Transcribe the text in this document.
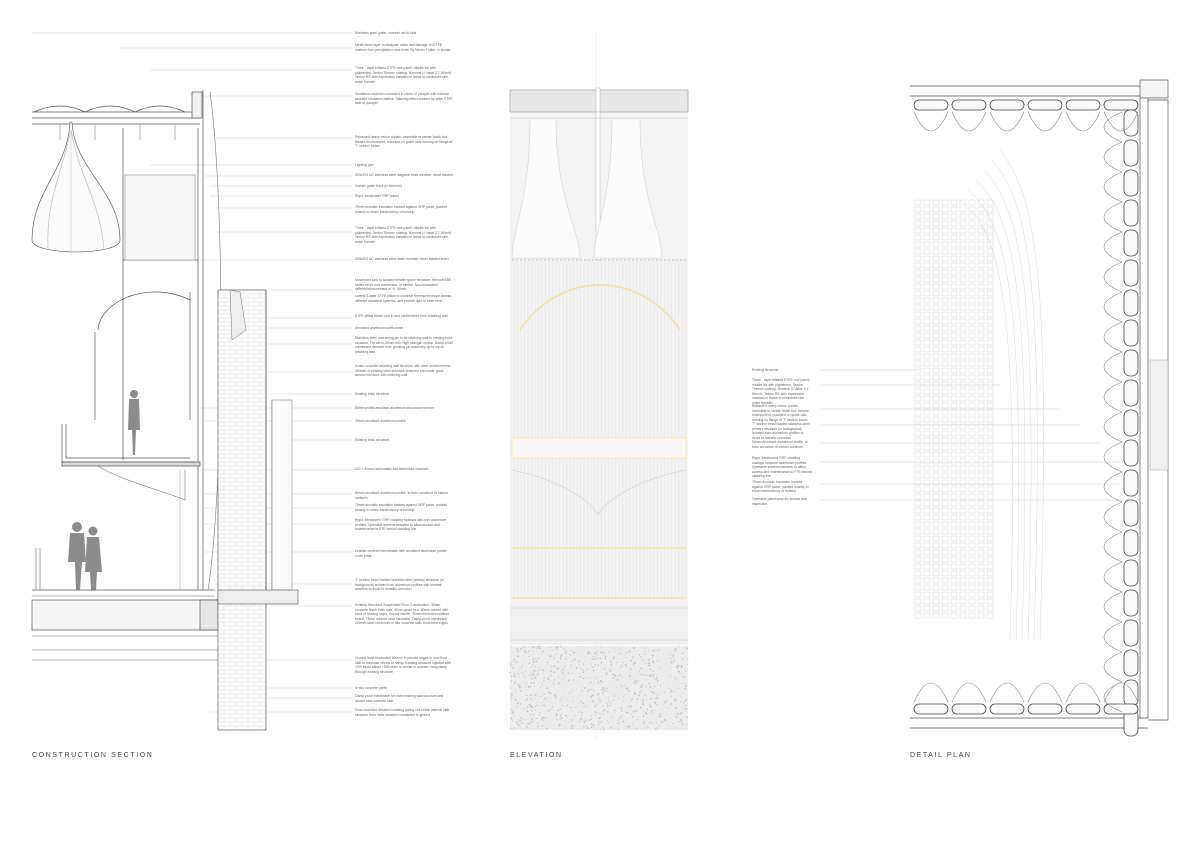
CONSTRUCTION SECTION	ELEVATION	DETAIL PLAN
Stainless steel gutter, channel set to falls
Metal mesh layer to dissipate noise and damage on ETFE cushion from precipitation and birds. By Vector Foiltec or similar
Three - layer inflated ETFE roof panel, middle foil with pigmented, Texlon Thermo coating. Nominal U-Value 2.7 W/m²K. Texlon RS-skin expression installed in frame to minimises rain noise transfer.
Ventilation channel concealed in return of parapet with internal acoustic insulation baffles. Stacking effect created by outer ETFE face of parapet.
Retracted heavy velour curtain, lowerable to create 'black box' theatre environment, mounted on guide rails running on flange of 'T' section beam
Lighting grid
203x203 UC stainless steel diagonal truss member, bead blasted
Curtain guide track (in Anterior)
Rigid, translucent GRP panel
75mm acoustic insulation backed against GRP panel, packed loosely to retain translucency of buildup
Three - layer inflated ETFE roof panel, middle foil with pigmented, Texlon Thermo coating. Nominal U-Value 2.7 W/m²K. Texlon RS-skin expression installed in frame to minimises rain noise transfer.
203x203 UC stainless steel lower member, bead blasted finish
Movement joint to isolated theatre space structure. Hensoft EBS series set in roof connection, or similar. Accommodates differential movement of +/- 50mm
Lateral 3-layer ETFE pillow to continue thermal envelope across different structural systems, and provide light to inner level
ETFE pillow frame cast in and cantilevered from retaining wall
Anodised aluminium soffit plane
Stainless steel restraining pin to tie retaining wall to existing brick structure. Pin set in 25mm min. high strength mortar. Damp-proof membrane dressed over grouting pin assembly up to top of retaining wall
In-situ concrete retaining wall structure with steel reinforcement. 300mm of existing brick structure removed and made good around interface with retaining wall
Existing brick structure
80mm profile anodised aluminium structural member
20mm anodised aluminium profile
Existing brick structure
120 x 30mm horizontally laid aluminium channels
50mm anodised aluminium profile, to form curvature of interior surfaces
75mm acoustic insulation backed against GRP panel, packed loosely to retain translucency of buildup
Rigid, translucent GRP cladding scallops laid over aluminium profiles. Openable screens between to allow access and maintenance to FTE behind cladding line
Leather covered benchmade with anodised aluminium profile cover plate
'T' section bead blasted stainless steel primary structure (in background) isolated from aluminium profiles with bimetal washers to avoid bi-metallic corrosion
Existing Structural Suspended Floor Construction: 35mm concrete finish brick slab, 40mm grout bed, 80mm screed with rows of heating loops, Vapour barrier, 30mm thermal insulation board, 75mm mineral wool insulation, Damp-proof membrane, 230mm steel reinforced in situ concrete slab, thickened edges
Ground level excavated 500mm in precise edges to new floor slab to minimise effects of damp. Existing structure injected with 10% liquid silicon / DIB resin or similar to counter rising damp through existing structure
In situ concrete plinth
Damp proof membrane run over existing wall structure and across new concrete slab
Floor mounted vibration isolating spring coil whole internal slab structure from main structure connected to ground
Existing structure
Three - layer inflated ETFE roof panel, middle foil with pigmented, Texlon Thermo coating. Nominal U-Value 2.7 W/m²K. Texlon RS-skin expression installed in frame to minimises rain noise transfer.
Retracted heavy velour curtain, lowerable to create 'black box' theatre environment, mounted on guide rails running on flange of 'T' section beam
'T' section bead blasted stainless steel primary structure (in background) isolated from aluminium profiles to avoid bi-metallic corrosion
50mm Anodised aluminium profile, to form curvature of interior surfaces
Rigid, translucent GRP cladding scallops between aluminium profiles. Openable screens between to allow access and maintenance to FTE behind cladding line
75mm Acoustic insulation backed against GRP panel, packed loosely to retain translucency of buildup
Openable panel/door for access and inspection
